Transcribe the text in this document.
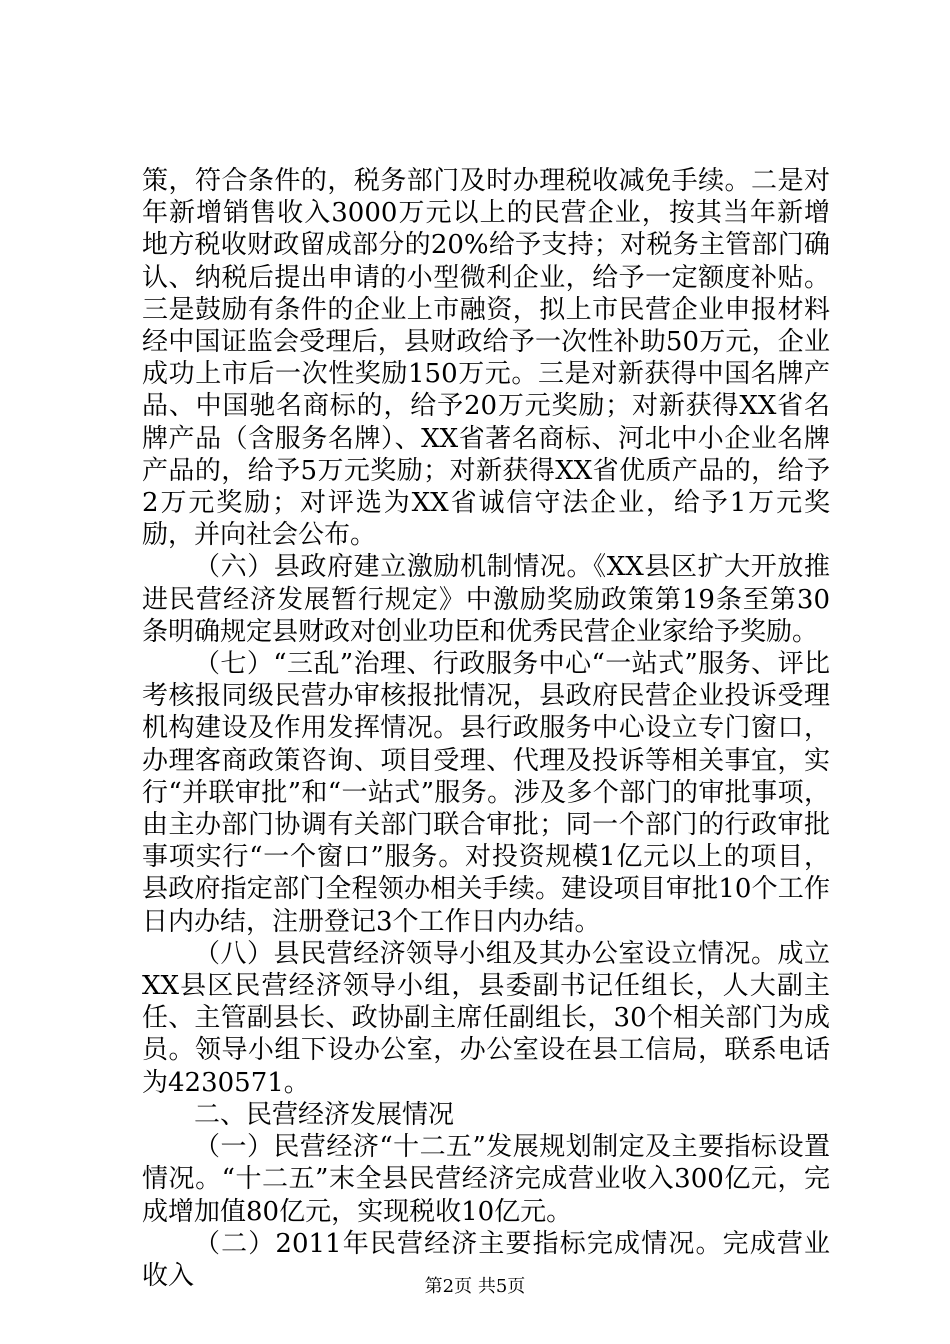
策，符合条件的，税务部门及时办理税收减免手续。二是对年新增销售收入3000万元以上的民营企业，按其当年新增地方税收财政留成部分的20%给予支持；对税务主管部门确认、纳税后提出申请的小型微利企业，给予一定额度补贴。三是鼓励有条件的企业上市融资，拟上市民营企业申报材料经中国证监会受理后，县财政给予一次性补助50万元，企业成功上市后一次性奖励150万元。三是对新获得中国名牌产品、中国驰名商标的，给予20万元奖励；对新获得XX省名牌产品（含服务名牌）、XX省著名商标、河北中小企业名牌产品的，给予5万元奖励；对新获得XX省优质产品的，给予2万元奖励；对评选为XX省诚信守法企业，给予1万元奖励，并向社会公布。

（六）县政府建立激励机制情况。《XX县区扩大开放推进民营经济发展暂行规定》中激励奖励政策第19条至第30条明确规定县财政对创业功臣和优秀民营企业家给予奖励。

（七）“三乱”治理、行政服务中心“一站式”服务、评比考核报同级民营办审核报批情况，县政府民营企业投诉受理机构建设及作用发挥情况。县行政服务中心设立专门窗口，办理客商政策咨询、项目受理、代理及投诉等相关事宜，实行“并联审批”和“一站式”服务。涉及多个部门的审批事项，由主办部门协调有关部门联合审批；同一个部门的行政审批事项实行“一个窗口”服务。对投资规模1亿元以上的项目，县政府指定部门全程领办相关手续。建设项目审批10个工作日内办结，注册登记3个工作日内办结。

（八）县民营经济领导小组及其办公室设立情况。成立XX县区民营经济领导小组，县委副书记任组长，人大副主任、主管副县长、政协副主席任副组长，30个相关部门为成员。领导小组下设办公室，办公室设在县工信局，联系电话为4230571。

二、民营经济发展情况

（一）民营经济“十二五”发展规划制定及主要指标设置情况。“十二五”末全县民营经济完成营业收入300亿元，完成增加值80亿元，实现税收10亿元。

（二）2011年民营经济主要指标完成情况。完成营业收入	第2页 共5页
